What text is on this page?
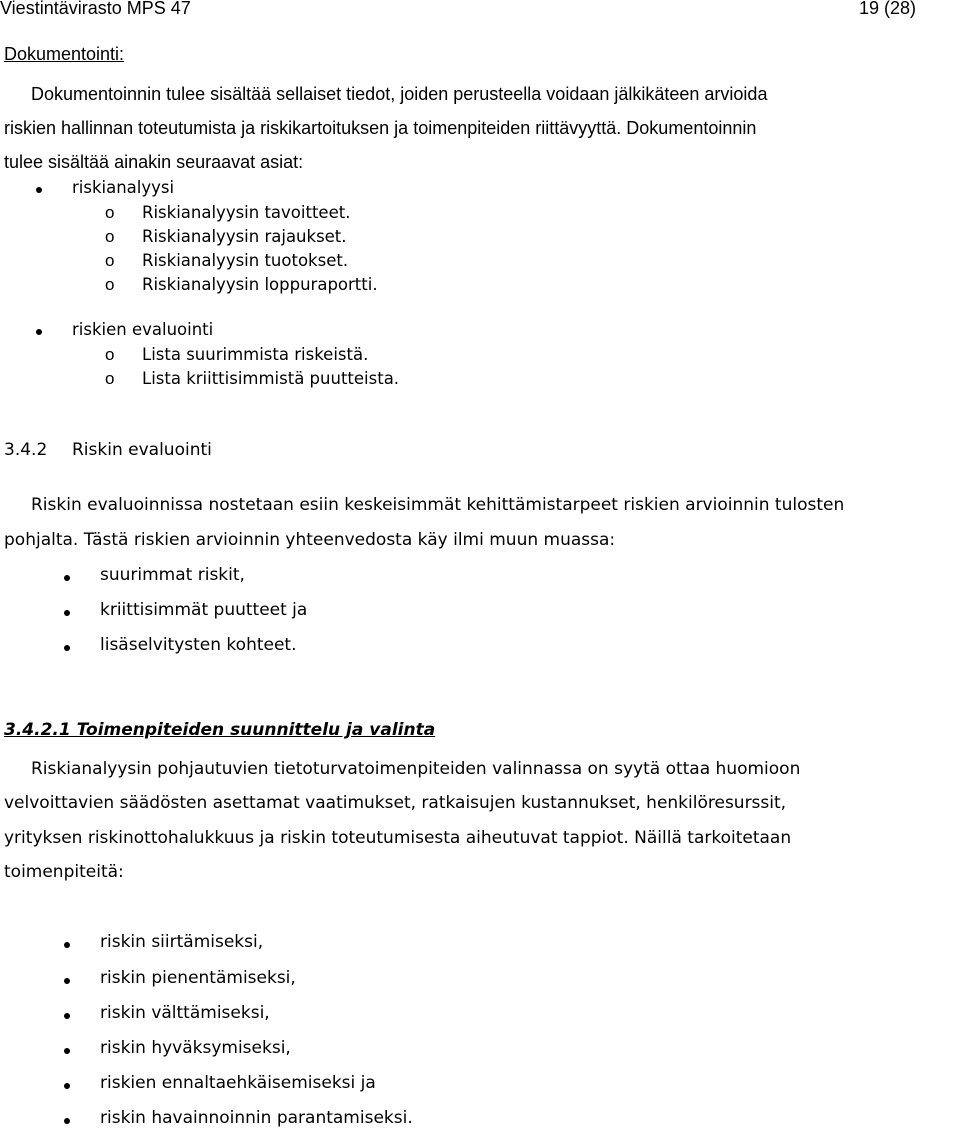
Viestintävirasto MPS 47	19 (28)
Dokumentointi:
Dokumentoinnin tulee sisältää sellaiset tiedot, joiden perusteella voidaan jälkikäteen arvioida
riskien hallinnan toteutumista ja riskikartoituksen ja toimenpiteiden riittävyyttä. Dokumentoinnin
tulee sisältää ainakin seuraavat asiat:
riskianalyysi
o Riskianalyysin tavoitteet.
o Riskianalyysin rajaukset.
o Riskianalyysin tuotokset.
o Riskianalyysin loppuraportti.
riskien evaluointi
o Lista suurimmista riskeistä.
o Lista kriittisimmistä puutteista.
3.4.2 Riskin evaluointi
Riskin evaluoinnissa nostetaan esiin keskeisimmät kehittämistarpeet riskien arvioinnin tulosten
pohjalta. Tästä riskien arvioinnin yhteenvedosta käy ilmi muun muassa:
suurimmat riskit,
kriittisimmät puutteet ja
lisäselvitysten kohteet.
3.4.2.1 Toimenpiteiden suunnittelu ja valinta
Riskianalyysin pohjautuvien tietoturvatoimenpiteiden valinnassa on syytä ottaa huomioon
velvoittavien säädösten asettamat vaatimukset, ratkaisujen kustannukset, henkilöresurssit,
yrityksen riskinottohalukkuus ja riskin toteutumisesta aiheutuvat tappiot. Näillä tarkoitetaan
toimenpiteitä:
riskin siirtämiseksi,
riskin pienentämiseksi,
riskin välttämiseksi,
riskin hyväksymiseksi,
riskien ennaltaehkäisemiseksi ja
riskin havainnoinnin parantamiseksi.
